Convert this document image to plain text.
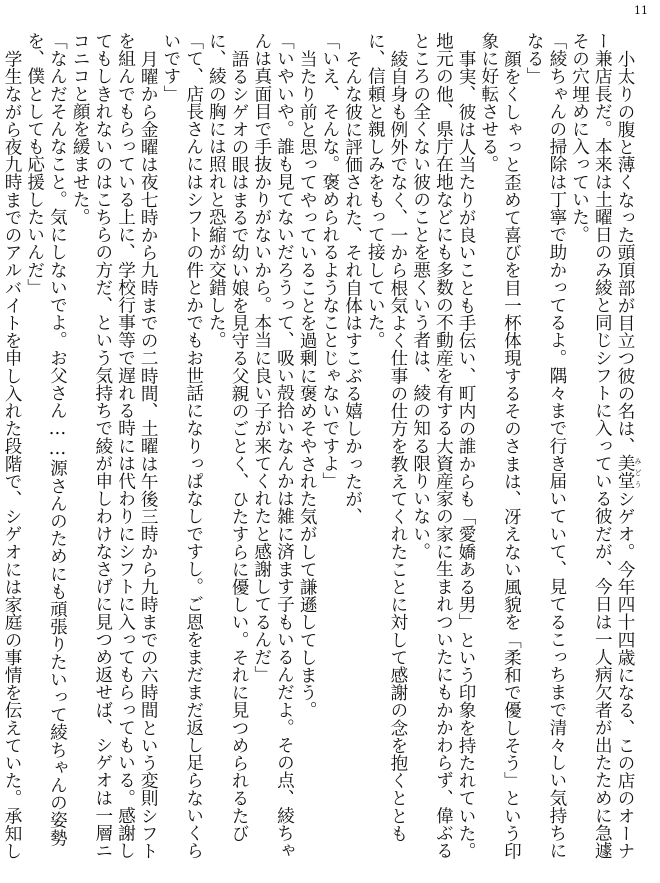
11

小太りの腹と薄くなった頭頂部が目立つ彼の名は、美堂 みどうシゲオ。今年四十四歳になる、この店のオーナー兼店長だ。本来は土曜日のみ綾と同じシフトに入っている彼だが、今日は一人病欠者が出たために急遽その穴埋めに入っていた。

「綾ちゃんの掃除は丁寧で助かってるよ。隅々まで行き届いていて、見てるこっちまで清々しい気持ちになる」

顔をくしゃっと歪めて喜びを目一杯体現するそのさまは、冴えない風貌を「柔和で優しそう」という印象に好転させる。

事実、彼は人当たりが良いことも手伝い、町内の誰からも「愛嬌ある男」という印象を持たれていた。地元の他、県庁在地などにも多数の不動産を有する大資産家の家に生まれついたにもかかわらず、偉ぶるところの全くない彼のことを悪くいう者は、綾の知る限りいない。

綾自身も例外でなく、一から根気よく仕事の仕方を教えてくれたことに対して感謝の念を抱くとともに、信頼と親しみをもって接していた。

そんな彼に評価された、それ自体はすこぶる嬉しかったが、

「いえ、そんな。褒められるようなことじゃないですよ」

当たり前と思ってやっていることを過剰に褒めそやされた気がして謙遜してしまう。

「いやいや。誰も見てないだろうって、吸い殻拾いなんかは雑に済ます子もいるんだよ。その点、綾ちゃんは真面目で手抜かりがないから。本当に良い子が来てくれたと感謝してるんだ」

語るシゲオの眼はまるで幼い娘を見守る父親のごとく、ひたすらに優しい。それに見つめられるたびに、綾の胸には照れと恐縮が交錯した。

「て、店長さんにはシフトの件とかでもお世話になりっぱなしですし。ご恩をまだまだ返し足らないくらいです」

月曜から金曜は夜七時から九時までの二時間、土曜は午後三時から九時までの六時間という変則シフトを組んでもらっている上に、学校行事等で遅れる時には代わりにシフトに入ってもらってもいる。感謝してもしきれないのはこちらの方だ、という気持ちで綾が申しわけなさげに見つめ返せば、シゲオは一層ニコニコと顔を緩ませた。

「なんだそんなこと。気にしないでよ。お父さん……源さんのためにも頑張りたいって綾ちゃんの姿勢を、僕としても応援したいんだ」

学生ながら夜九時までのアルバイトを申し入れた段階で、シゲオには家庭の事情を伝えていた。承知し
